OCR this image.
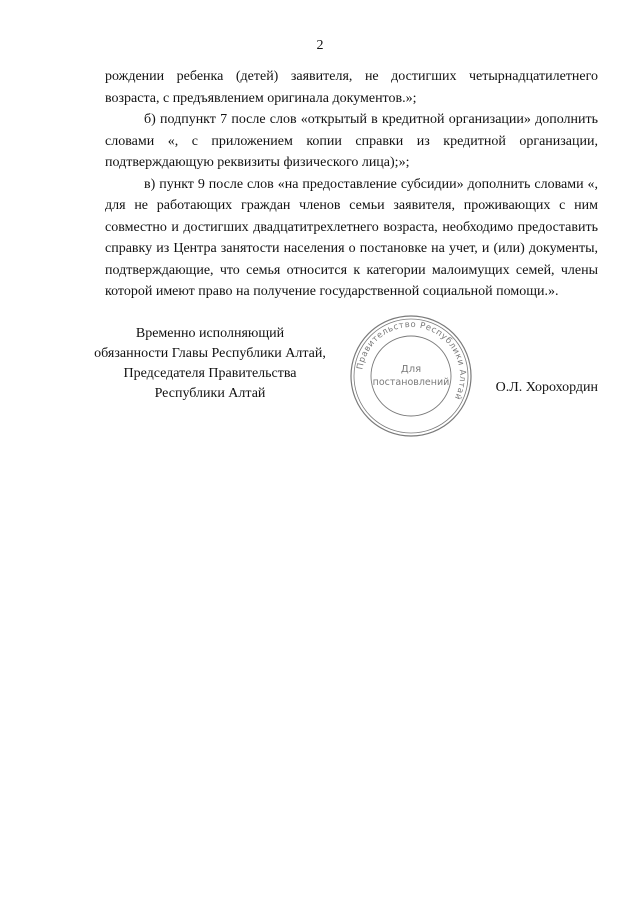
2

рождении ребенка (детей) заявителя, не достигших четырнадцатилетнего возраста, с предъявлением оригинала документов.»;

б) подпункт 7 после слов «открытый в кредитной организации» дополнить словами «, с приложением копии справки из кредитной организации, подтверждающую реквизиты физического лица);»;

в) пункт 9 после слов «на предоставление субсидии» дополнить словами «, для не работающих граждан членов семьи заявителя, проживающих с ним совместно и достигших двадцатитрехлетнего возраста, необходимо предоставить справку из Центра занятости населения о постановке на учет, и (или) документы, подтверждающие, что семья относится к категории малоимущих семей, члены которой имеют право на получение государственной социальной помощи.».

Временно исполняющий
обязанности Главы Республики Алтай,
Председателя Правительства
Республики Алтай
Правительство Республики Алтай
Для
постановлений	О.Л. Хорохордин
